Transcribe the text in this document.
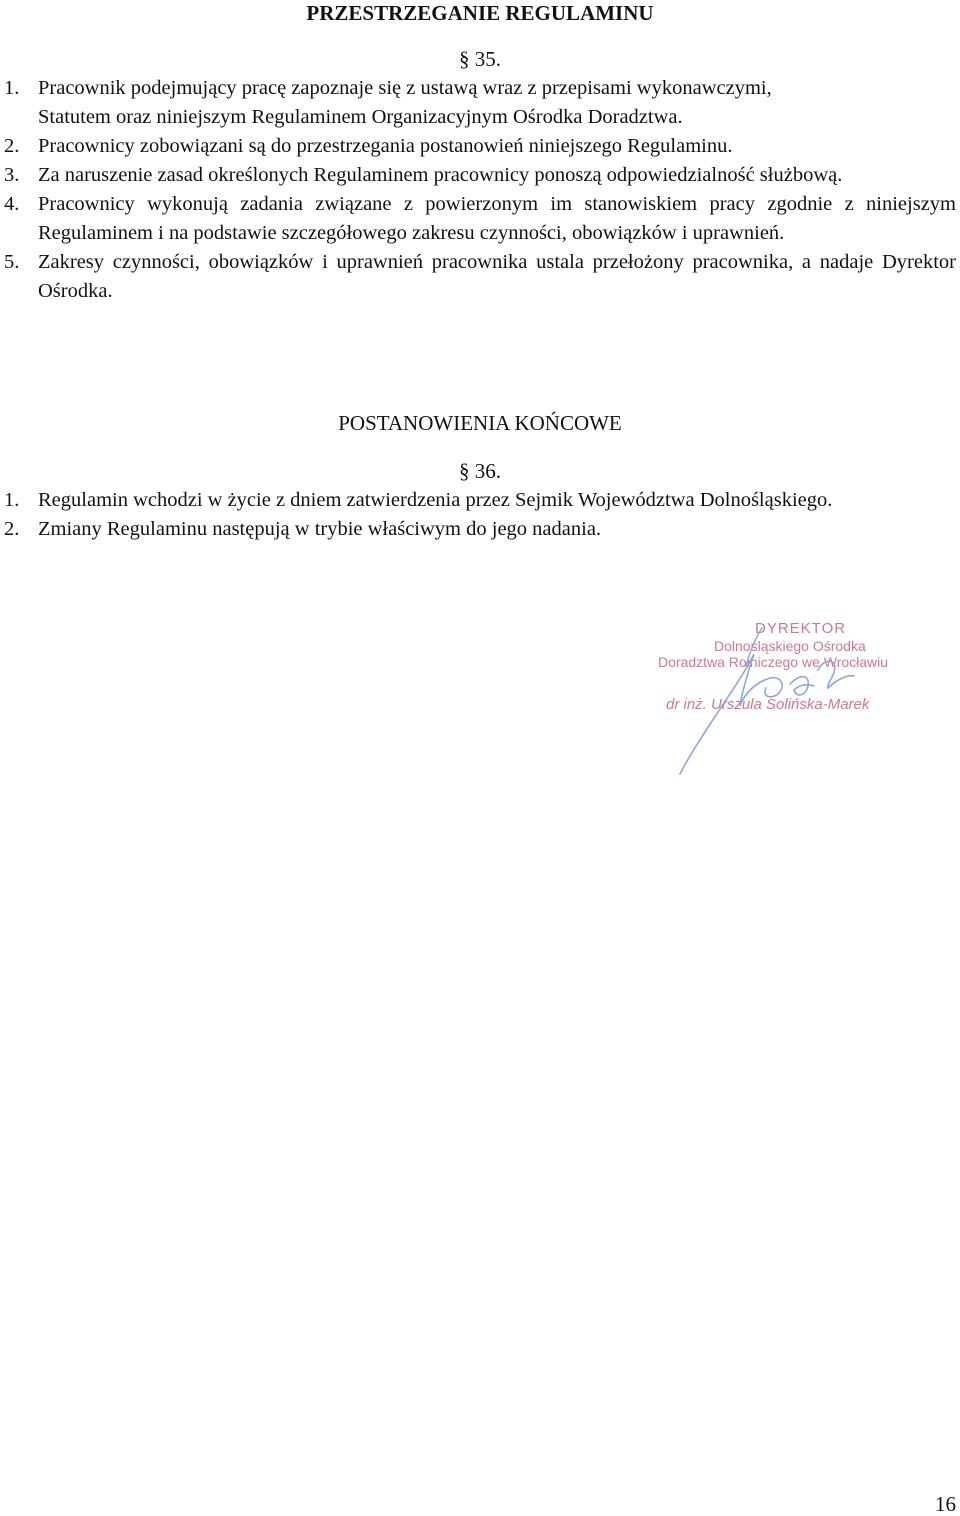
PRZESTRZEGANIE REGULAMINU
§ 35.
1. Pracownik podejmujący pracę zapoznaje się z ustawą wraz z przepisami wykonawczymi,
Statutem oraz niniejszym Regulaminem Organizacyjnym Ośrodka Doradztwa.
2. Pracownicy zobowiązani są do przestrzegania postanowień niniejszego Regulaminu.
3. Za naruszenie zasad określonych Regulaminem pracownicy ponoszą odpowiedzialność służbową.
4. Pracownicy wykonują zadania związane z powierzonym im stanowiskiem pracy zgodnie z niniejszym Regulaminem i na podstawie szczegółowego zakresu czynności, obowiązków i uprawnień.
5. Zakresy czynności, obowiązków i uprawnień pracownika ustala przełożony pracownika, a nadaje Dyrektor Ośrodka.
POSTANOWIENIA KOŃCOWE
§ 36.
1. Regulamin wchodzi w życie z dniem zatwierdzenia przez Sejmik Województwa Dolnośląskiego.
2. Zmiany Regulaminu następują w trybie właściwym do jego nadania.
DYREKTOR
Dolnośląskiego Ośrodka
Doradztwa Rolniczego we Wrocławiu
dr inż. Urszula Solińska-Marek
16
